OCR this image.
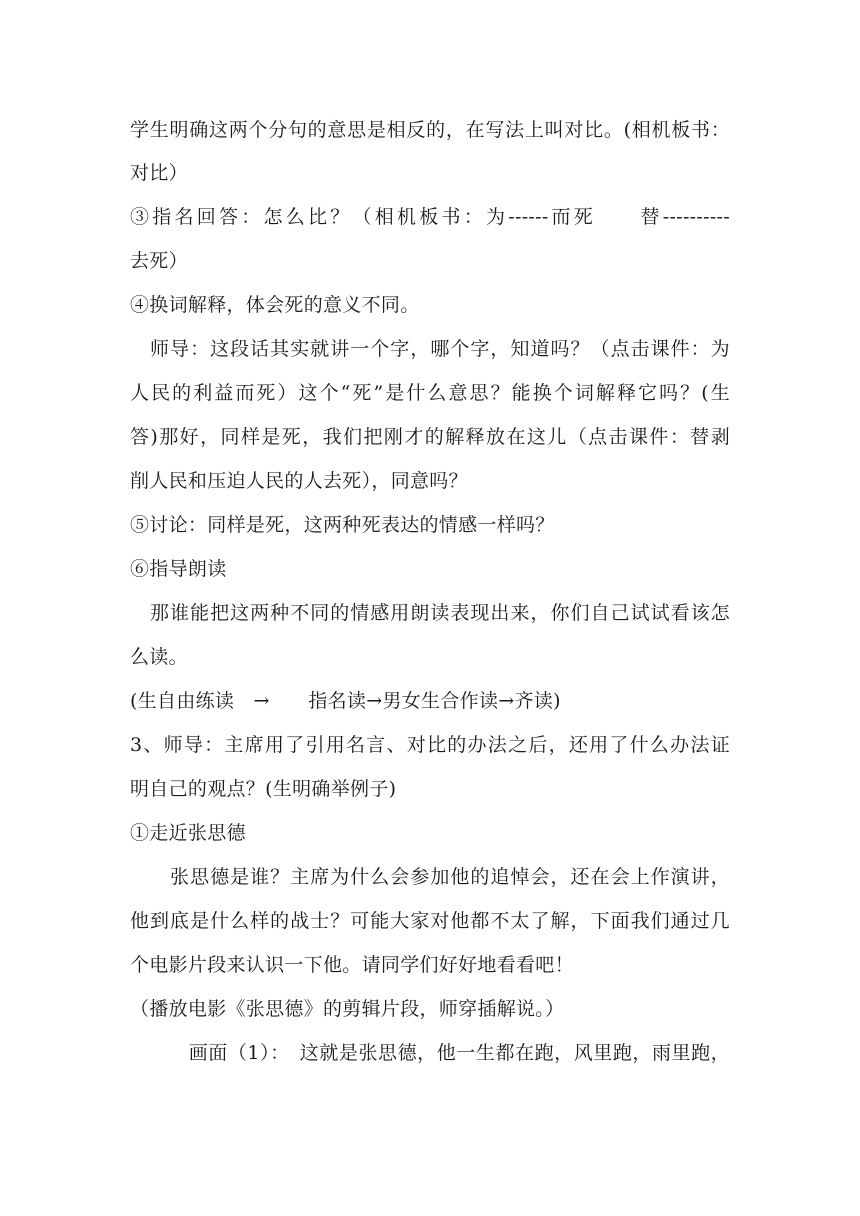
学生明确这两个分句的意思是相反的，在写法上叫对比。(相机板书：
对比）
③指名回答：怎么比？（相机板书：为------而死　　替----------
去死）
④换词解释，体会死的意义不同。
　师导：这段话其实就讲一个字，哪个字，知道吗？（点击课件：为
人民的利益而死）这个“死”是什么意思？能换个词解释它吗？(生
答)那好，同样是死，我们把刚才的解释放在这儿（点击课件：替剥
削人民和压迫人民的人去死），同意吗？
⑤讨论：同样是死，这两种死表达的情感一样吗？
⑥指导朗读
　那谁能把这两种不同的情感用朗读表现出来，你们自己试试看该怎
么读。
(生自由练读　→　　指名读→男女生合作读→齐读)
3、师导：主席用了引用名言、对比的办法之后，还用了什么办法证
明自己的观点？(生明确举例子)
①走近张思德
　　张思德是谁？主席为什么会参加他的追悼会，还在会上作演讲，
他到底是什么样的战士？可能大家对他都不太了解，下面我们通过几
个电影片段来认识一下他。请同学们好好地看看吧！
（播放电影《张思德》的剪辑片段，师穿插解说。）
　　　画面（1）：　这就是张思德，他一生都在跑，风里跑，雨里跑，
